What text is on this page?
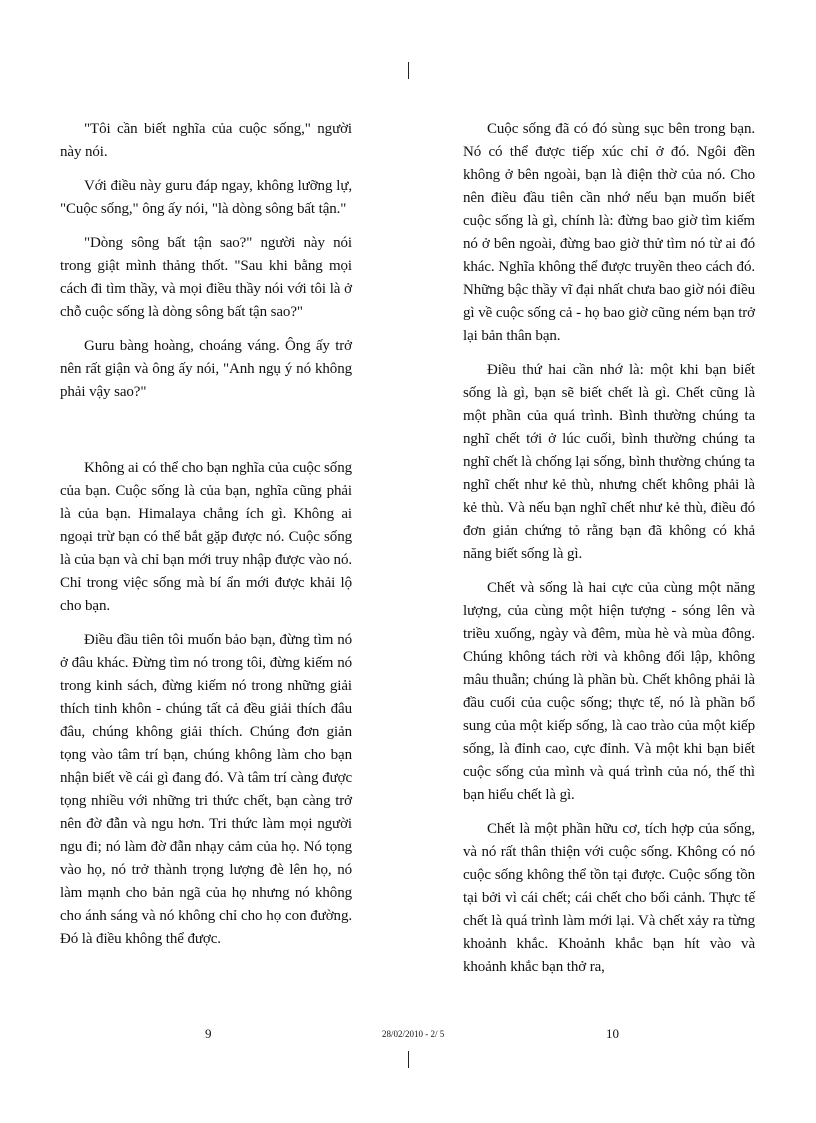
"Tôi cần biết nghĩa của cuộc sống," người này nói.

Với điều này guru đáp ngay, không lưỡng lự, "Cuộc sống," ông ấy nói, "là dòng sông bất tận."

"Dòng sông bất tận sao?" người này nói trong giật mình thảng thốt. "Sau khi bằng mọi cách đi tìm thầy, và mọi điều thầy nói với tôi là ở chỗ cuộc sống là dòng sông bất tận sao?"

Guru bàng hoàng, choáng váng. Ông ấy trở nên rất giận và ông ấy nói, "Anh ngụ ý nó không phải vậy sao?"

Không ai có thể cho bạn nghĩa của cuộc sống của bạn. Cuộc sống là của bạn, nghĩa cũng phải là của bạn. Himalaya chẳng ích gì. Không ai ngoại trừ bạn có thể bắt gặp được nó. Cuộc sống là của bạn và chỉ bạn mới truy nhập được vào nó. Chỉ trong việc sống mà bí ẩn mới được khải lộ cho bạn.

Điều đầu tiên tôi muốn bảo bạn, đừng tìm nó ở đâu khác. Đừng tìm nó trong tôi, đừng kiếm nó trong kinh sách, đừng kiếm nó trong những giải thích tinh khôn - chúng tất cả đều giải thích đâu đâu, chúng không giải thích. Chúng đơn giản tọng vào tâm trí bạn, chúng không làm cho bạn nhận biết về cái gì đang đó. Và tâm trí càng được tọng nhiều với những tri thức chết, bạn càng trở nên đờ đẫn và ngu hơn. Tri thức làm mọi người ngu đi; nó làm đờ đẫn nhạy cảm của họ. Nó tọng vào họ, nó trở thành trọng lượng đè lên họ, nó làm mạnh cho bản ngã của họ nhưng nó không cho ánh sáng và nó không chỉ cho họ con đường. Đó là điều không thể được.

Cuộc sống đã có đó sùng sục bên trong bạn. Nó có thể được tiếp xúc chỉ ở đó. Ngôi đền không ở bên ngoài, bạn là điện thờ của nó. Cho nên điều đầu tiên cần nhớ nếu bạn muốn biết cuộc sống là gì, chính là: đừng bao giờ tìm kiếm nó ở bên ngoài, đừng bao giờ thử tìm nó từ ai đó khác. Nghĩa không thể được truyền theo cách đó. Những bậc thầy vĩ đại nhất chưa bao giờ nói điều gì về cuộc sống cả - họ bao giờ cũng ném bạn trở lại bản thân bạn.

Điều thứ hai cần nhớ là: một khi bạn biết sống là gì, bạn sẽ biết chết là gì. Chết cũng là một phần của quá trình. Bình thường chúng ta nghĩ chết tới ở lúc cuối, bình thường chúng ta nghĩ chết là chống lại sống, bình thường chúng ta nghĩ chết như kẻ thù, nhưng chết không phải là kẻ thù. Và nếu bạn nghĩ chết như kẻ thù, điều đó đơn giản chứng tỏ rằng bạn đã không có khả năng biết sống là gì.

Chết và sống là hai cực của cùng một năng lượng, của cùng một hiện tượng - sóng lên và triều xuống, ngày và đêm, mùa hè và mùa đông. Chúng không tách rời và không đối lập, không mâu thuẫn; chúng là phần bù. Chết không phải là đầu cuối của cuộc sống; thực tế, nó là phần bổ sung của một kiếp sống, là cao trào của một kiếp sống, là đỉnh cao, cực đỉnh. Và một khi bạn biết cuộc sống của mình và quá trình của nó, thế thì bạn hiểu chết là gì.

Chết là một phần hữu cơ, tích hợp của sống, và nó rất thân thiện với cuộc sống. Không có nó cuộc sống không thể tồn tại được. Cuộc sống tồn tại bởi vì cái chết; cái chết cho bối cảnh. Thực tế chết là quá trình làm mới lại. Và chết xảy ra từng khoảnh khắc. Khoảnh khắc bạn hít vào và khoảnh khắc bạn thở ra,

9	28/02/2010 - 2/ 5	10
